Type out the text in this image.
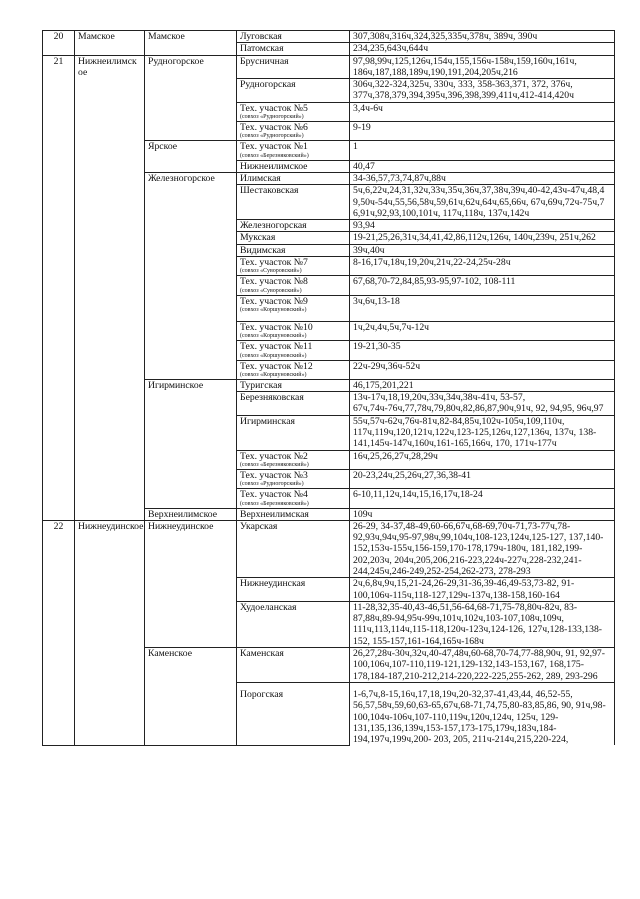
20	Мамское	Мамское	Луговская	307,308ч,316ч,324,325,335ч,378ч, 389ч, 390ч
			Патомская	234,235,643ч,644ч
21	Нижнеилимское	Рудногорское	Брусничная	97,98,99ч,125,126ч,154ч,155,156ч-158ч,159,160ч,161ч, 186ч,187,188,189ч,190,191,204,205ч,216
			Рудногорская	306ч,322-324,325ч, 330ч, 333, 358-363,371, 372, 376ч, 377ч,378,379,394,395ч,396,398,399,411ч,412-414,420ч
			Тех. участок №5
(совхоз «Рудногорский»)	3,4ч-6ч
			Тех. участок №6
(совхоз «Рудногорский»)	9-19
		Ярское	Тех. участок №1
(совхоз «Березняковский»)	1
			Нижнеилимское	40,47
		Железногорское	Илимская	34-36,57,73,74,87ч,88ч
			Шестаковская	5ч,6,22ч,24,31,32ч,33ч,35ч,36ч,37,38ч,39ч,40-42,43ч-47ч,48,49,50ч-54ч,55,56,58ч,59,61ч,62ч,64ч,65,66ч, 67ч,69ч,72ч-75ч,76,91ч,92,93,100,101ч, 117ч,118ч, 137ч,142ч
			Железногорская	93,94
			Мукская	19-21,25,26,31ч,34,41,42,86,112ч,126ч, 140ч,239ч, 251ч,262
			Видимская	39ч,40ч
			Тех. участок №7
(совхоз «Суворовский»)	8-16,17ч,18ч,19,20ч,21ч,22-24,25ч-28ч
			Тех. участок №8
(совхоз «Суворовский»)	67,68,70-72,84,85,93-95,97-102, 108-111
			Тех. участок №9
(совхоз «Коршуновский»)	3ч,6ч,13-18
			Тех. участок №10
(совхоз «Коршуновский»)	1ч,2ч,4ч,5ч,7ч-12ч
			Тех. участок №11
(совхоз «Коршуновский»)	19-21,30-35
			Тех. участок №12
(совхоз «Коршуновский»)	22ч-29ч,36ч-52ч
		Игирминское	Туригская	46,175,201,221
			Березняковская	13ч-17ч,18,19,20ч,33ч,34ч,38ч-41ч, 53-57, 67ч,74ч-76ч,77,78ч,79,80ч,82,86,87,90ч,91ч, 92, 94,95, 96ч,97
			Игирминская	55ч,57ч-62ч,76ч-81ч,82-84,85ч,102ч-105ч,109,110ч, 117ч,119ч,120,121ч,122ч,123-125,126ч,127,136ч, 137ч, 138-141,145ч-147ч,160ч,161-165,166ч, 170, 171ч-177ч
			Тех. участок №2
(совхоз «Березняковский»)	16ч,25,26,27ч,28,29ч
			Тех. участок №3
(совхоз «Рудногорский»)	20-23,24ч,25,26ч,27,36,38-41
			Тех. участок №4
(совхоз «Березняковский»)	6-10,11,12ч,14ч,15,16,17ч,18-24
		Верхнеилимское	Верхнеилимская	109ч
22	Нижнеудинское	Нижнеудинское	Укарская	26-29, 34-37,48-49,60-66,67ч,68-69,70ч-71,73-77ч,78-92,93ч,94ч,95-97,98ч,99,104ч,108-123,124ч,125-127, 137,140-152,153ч-155ч,156-159,170-178,179ч-180ч, 181,182,199-202,203ч, 204ч,205,206,216-223,224ч-227ч,228-232,241-244,245ч,246-249,252-254,262-273, 278-293
			Нижнеудинская	2ч,6,8ч,9ч,15,21-24,26-29,31-36,39-46,49-53,73-82, 91-100,106ч-115ч,118-127,129ч-137ч,138-158,160-164
			Худоеланская	11-28,32,35-40,43-46,51,56-64,68-71,75-78,80ч-82ч, 83-87,88ч,89-94,95ч-99ч,101ч,102ч,103-107,108ч,109ч, 111ч,113,114ч,115-118,120ч-123ч,124-126, 127ч,128-133,138-152, 155-157,161-164,165ч-168ч
		Каменское	Каменская	26,27,28ч-30ч,32ч,40-47,48ч,60-68,70-74,77-88,90ч, 91, 92,97-100,106ч,107-110,119-121,129-132,143-153,167, 168,175-178,184-187,210-212,214-220,222-225,255-262, 289, 293-296
			Порогская	1-6,7ч,8-15,16ч,17,18,19ч,20-32,37-41,43,44, 46,52-55, 56,57,58ч,59,60,63-65,67ч,68-71,74,75,80-83,85,86, 90, 91ч,98-100,104ч-106ч,107-110,119ч,120ч,124ч, 125ч, 129-131,135,136,139ч,153-157,173-175,179ч,183ч,184-194,197ч,199ч,200- 203, 205, 211ч-214ч,215,220-224,
